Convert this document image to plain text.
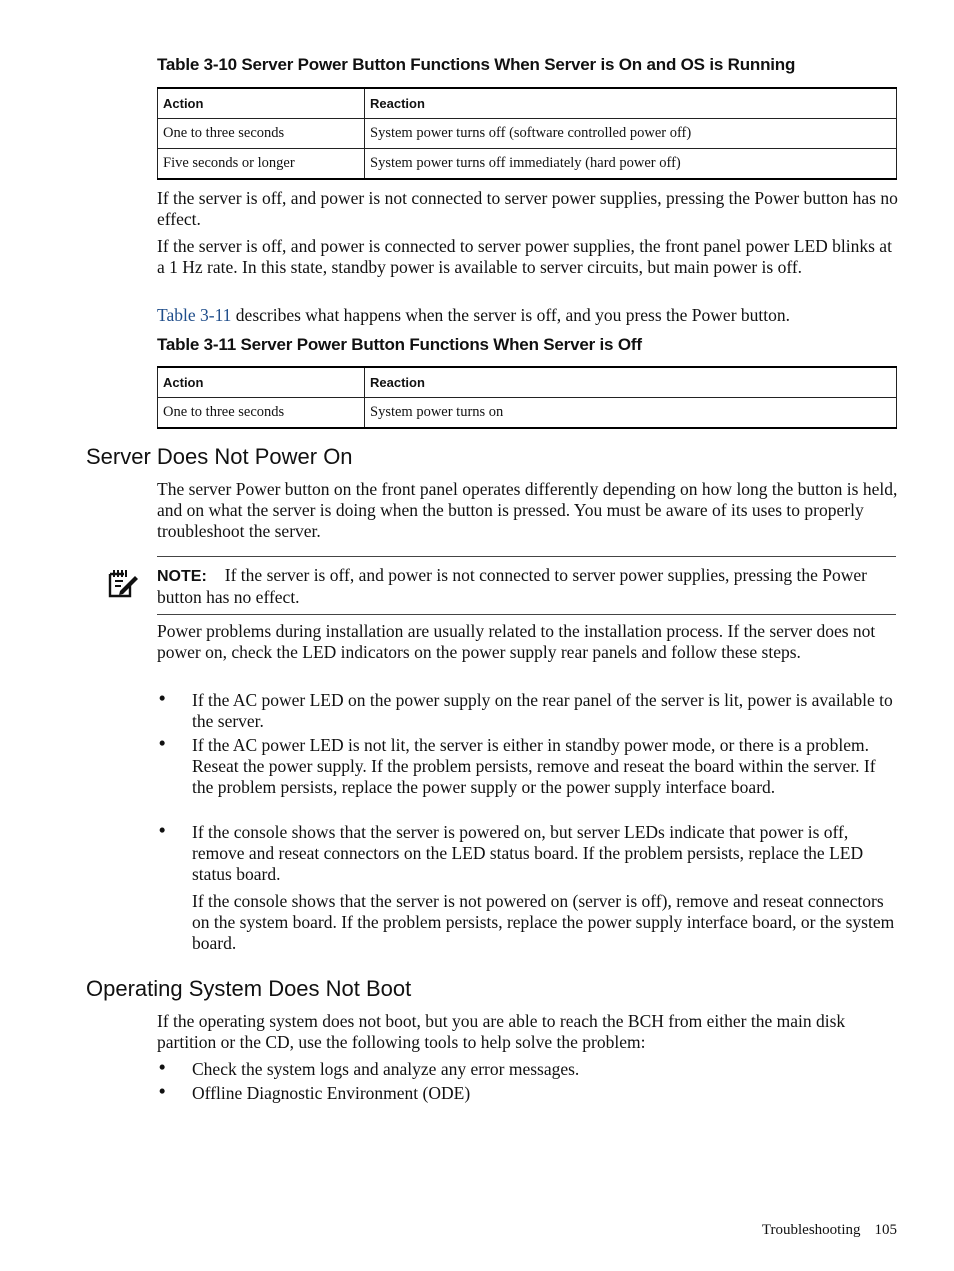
Table 3-10 Server Power Button Functions When Server is On and OS is Running
Action	Reaction
One to three seconds	System power turns off (software controlled power off)
Five seconds or longer	System power turns off immediately (hard power off)
If the server is off, and power is not connected to server power supplies, pressing the Power button has no effect.
If the server is off, and power is connected to server power supplies, the front panel power LED blinks at a 1 Hz rate. In this state, standby power is available to server circuits, but main power is off.
Table 3-11 describes what happens when the server is off, and you press the Power button.
Table 3-11 Server Power Button Functions When Server is Off
Action	Reaction
One to three seconds	System power turns on
Server Does Not Power On
The server Power button on the front panel operates differently depending on how long the button is held, and on what the server is doing when the button is pressed. You must be aware of its uses to properly troubleshoot the server.
NOTE: If the server is off, and power is not connected to server power supplies, pressing the Power button has no effect.
Power problems during installation are usually related to the installation process. If the server does not power on, check the LED indicators on the power supply rear panels and follow these steps.
• If the AC power LED on the power supply on the rear panel of the server is lit, power is available to the server.
• If the AC power LED is not lit, the server is either in standby power mode, or there is a problem. Reseat the power supply. If the problem persists, remove and reseat the board within the server. If the problem persists, replace the power supply or the power supply interface board.
• If the console shows that the server is powered on, but server LEDs indicate that power is off, remove and reseat connectors on the LED status board. If the problem persists, replace the LED status board.
If the console shows that the server is not powered on (server is off), remove and reseat connectors on the system board. If the problem persists, replace the power supply interface board, or the system board.
Operating System Does Not Boot
If the operating system does not boot, but you are able to reach the BCH from either the main disk partition or the CD, use the following tools to help solve the problem:
• Check the system logs and analyze any error messages.
• Offline Diagnostic Environment (ODE)
Troubleshooting 105
